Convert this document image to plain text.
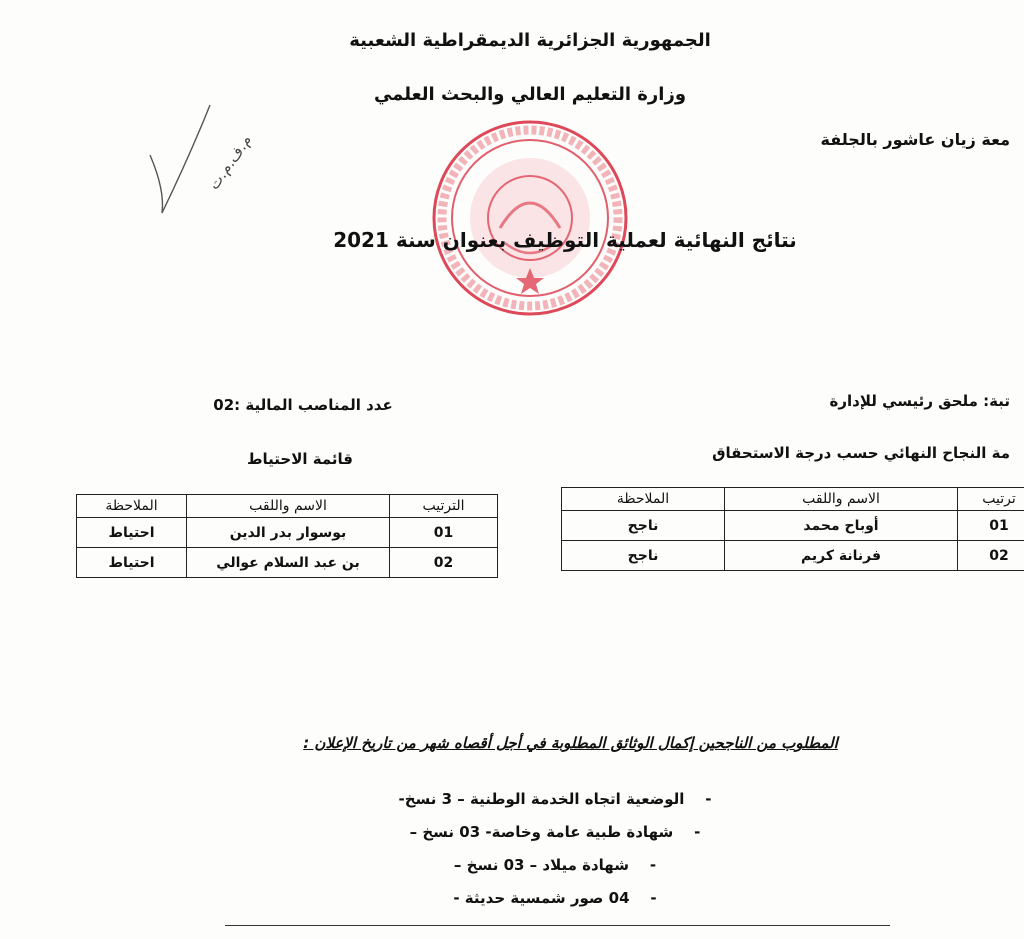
الجمهورية الجزائرية الديمقراطية الشعبية
وزارة التعليم العالي والبحث العلمي
معة زيان عاشور بالجلفة
م.ف.م.ت
نتائج النهائية لعملية التوظيف بعنوان سنة 2021
تبة: ملحق رئيسي للإدارة
عدد المناصب المالية :02
مة النجاح النهائي حسب درجة الاستحقاق
قائمة الاحتياط
ترتيب	الاسم واللقب	الملاحظة
01	أوباح محمد	ناجح
02	فرنانة كريم	ناجح
الترتيب	الاسم واللقب	الملاحظة
01	بوسوار بدر الدين	احتياط
02	بن عبد السلام عوالي	احتياط
المطلوب من الناجحين إكمال الوثائق المطلوبة في أجل أقصاه شهر من تاريخ الإعلان :
-    الوضعية اتجاه الخدمة الوطنية – 3 نسخ-
-    شهادة طبية عامة وخاصة- 03 نسخ –
-    شهادة ميلاد – 03 نسخ –
-    04 صور شمسية حديثة -
